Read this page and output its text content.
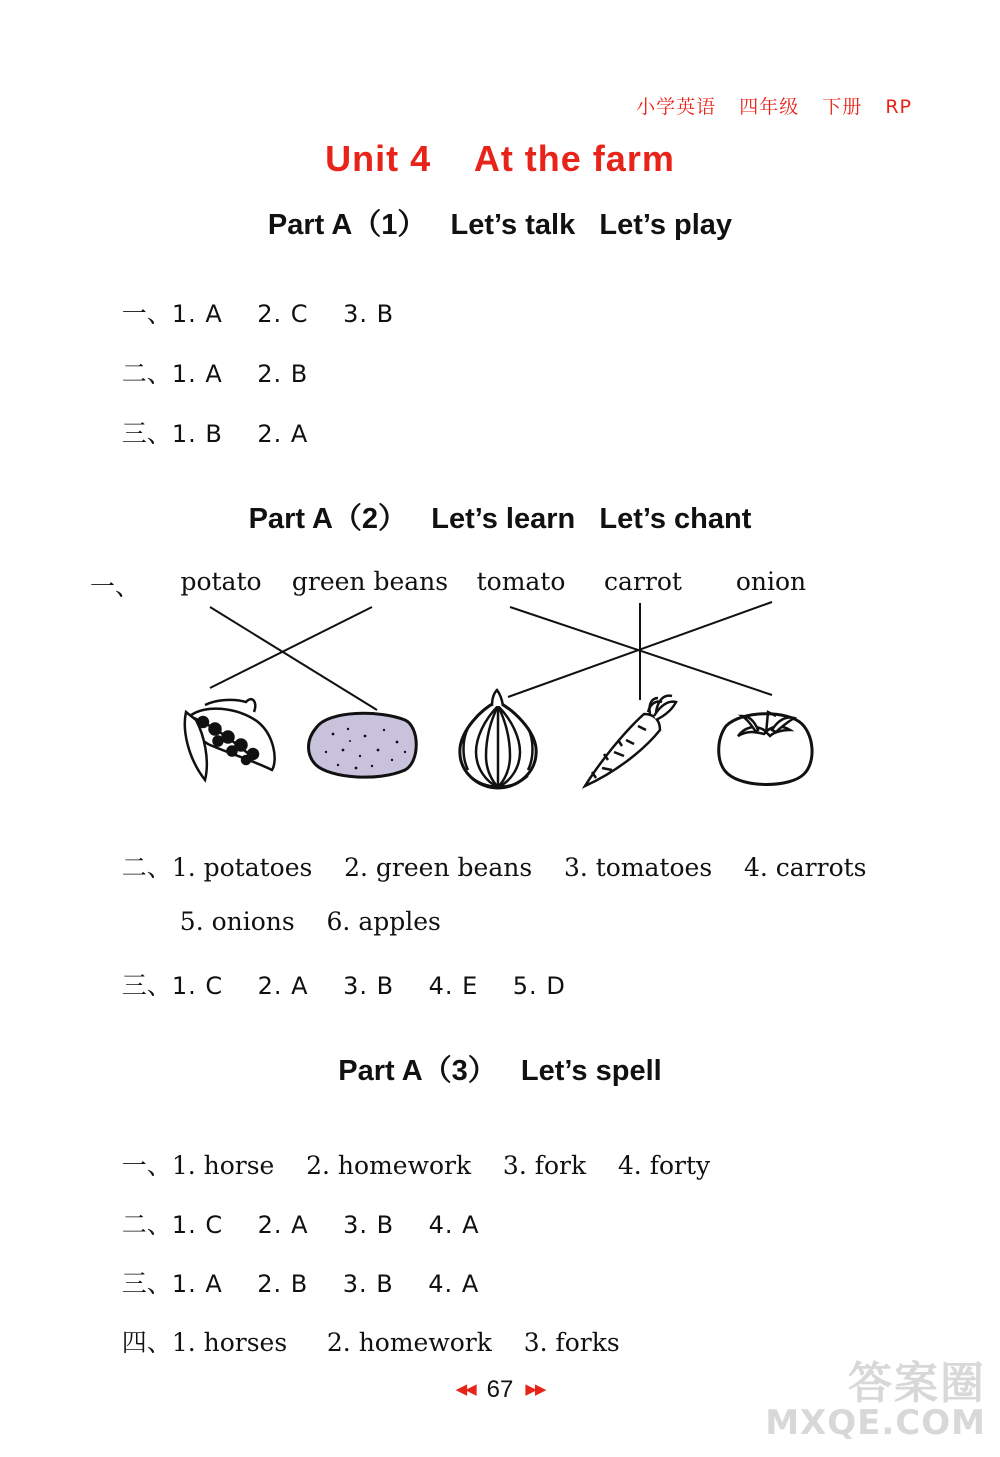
小学英语 四年级 下册 RP
Unit 4    At the farm
Part A（1）   Let’s talk   Let’s play

一、1. A    2. C    3. B

二、1. A    2. B

三、1. B    2. A

Part A（2）   Let’s learn   Let’s chant
一、 potato green beans tomato carrot onion

二、1. potatoes    2. green beans    3. tomatoes    4. carrots

5. onions    6. apples

三、1. C    2. A    3. B    4. E    5. D

Part A（3）   Let’s spell

一、1. horse    2. homework    3. fork    4. forty

二、1. C    2. A    3. B    4. A

三、1. A    2. B    3. B    4. A

四、1. horses     2. homework    3. forks

◀◀ 67 ▶▶	答案圈
MXQE.COM
